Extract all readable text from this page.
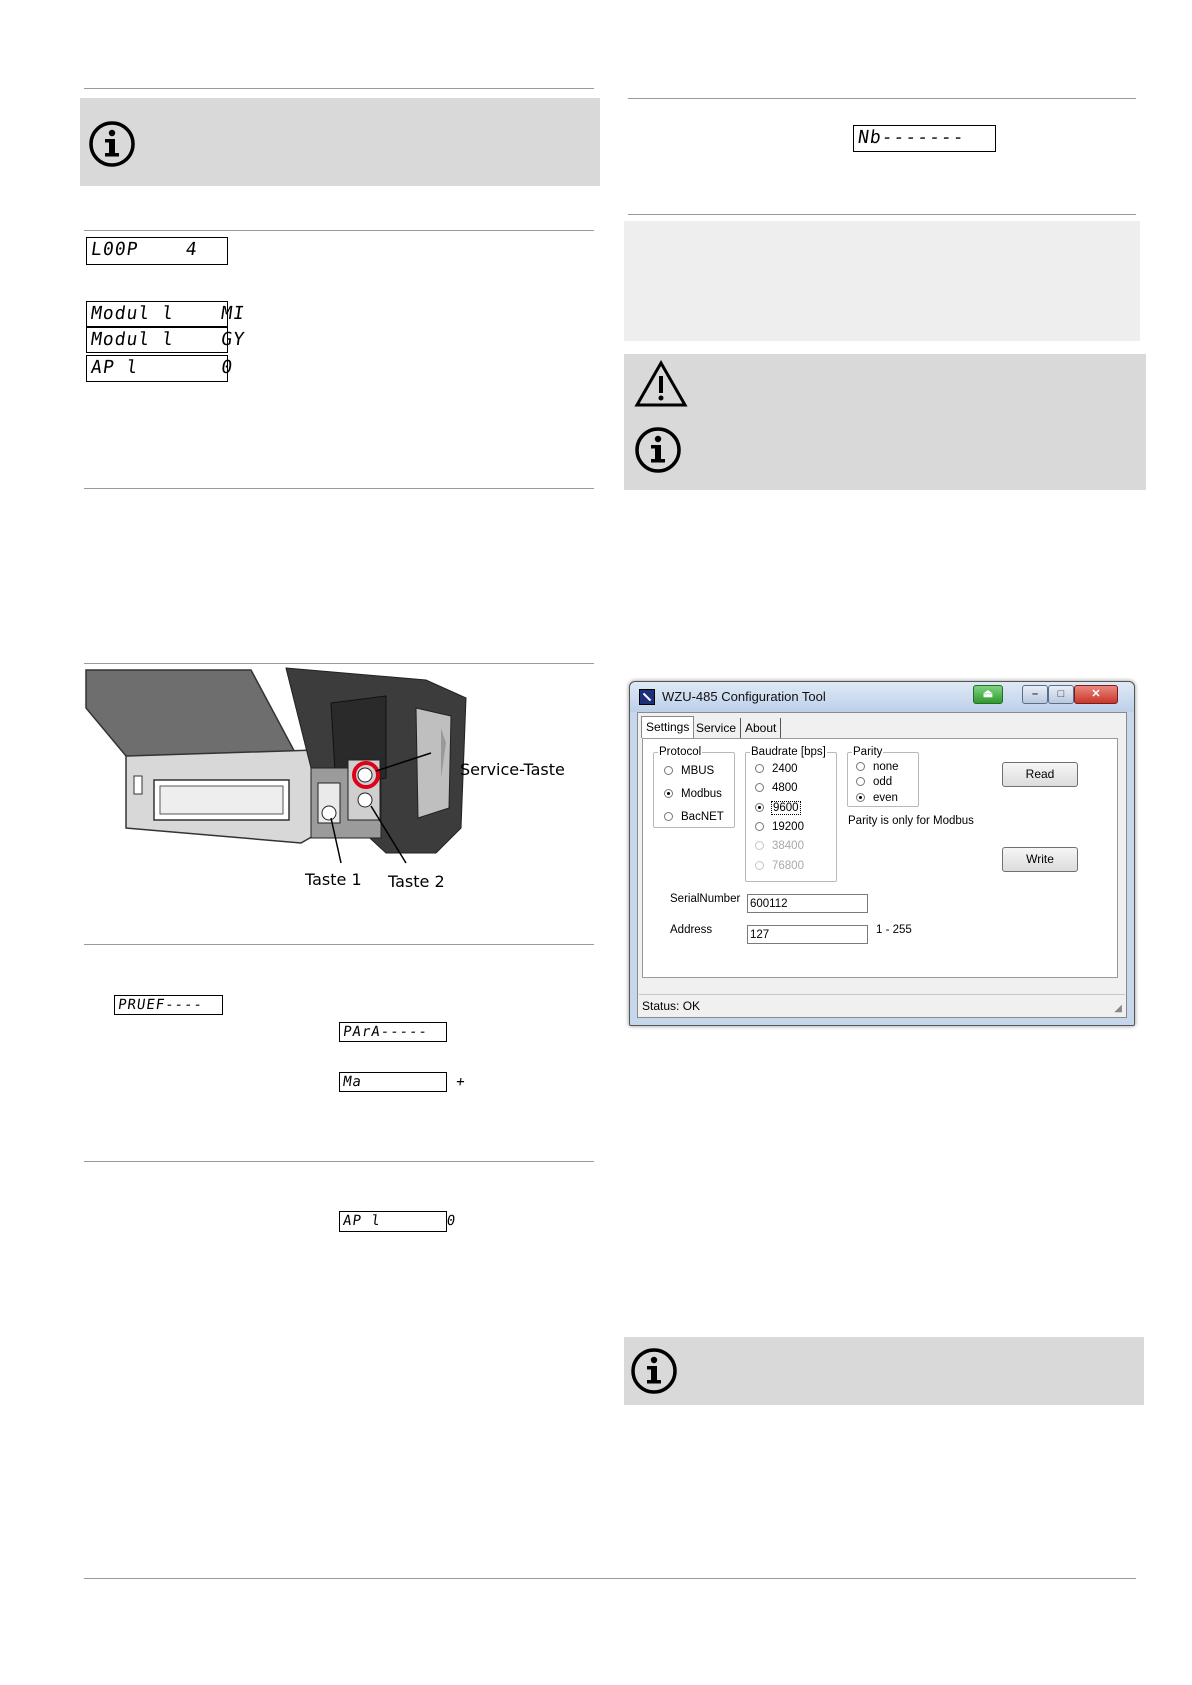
L00P    4
Modul l    MI
Modul l    GY
AP l       0
Service-Taste
Taste 1 Taste 2
PRUEF----
PArA-----
Ma          +
AP l       0
Nb-------
WZU-485 Configuration Tool	⏏	–	□	✕
Settings Service About
Protocol
MBUS
Modbus
BacNET
Baudrate [bps]
2400
4800
9600
19200
38400
76800
Parity
none
odd
even
Parity is only for Modbus
Read
Write
SerialNumber 600112
Address	127	1 - 255
Status: OK	◢
